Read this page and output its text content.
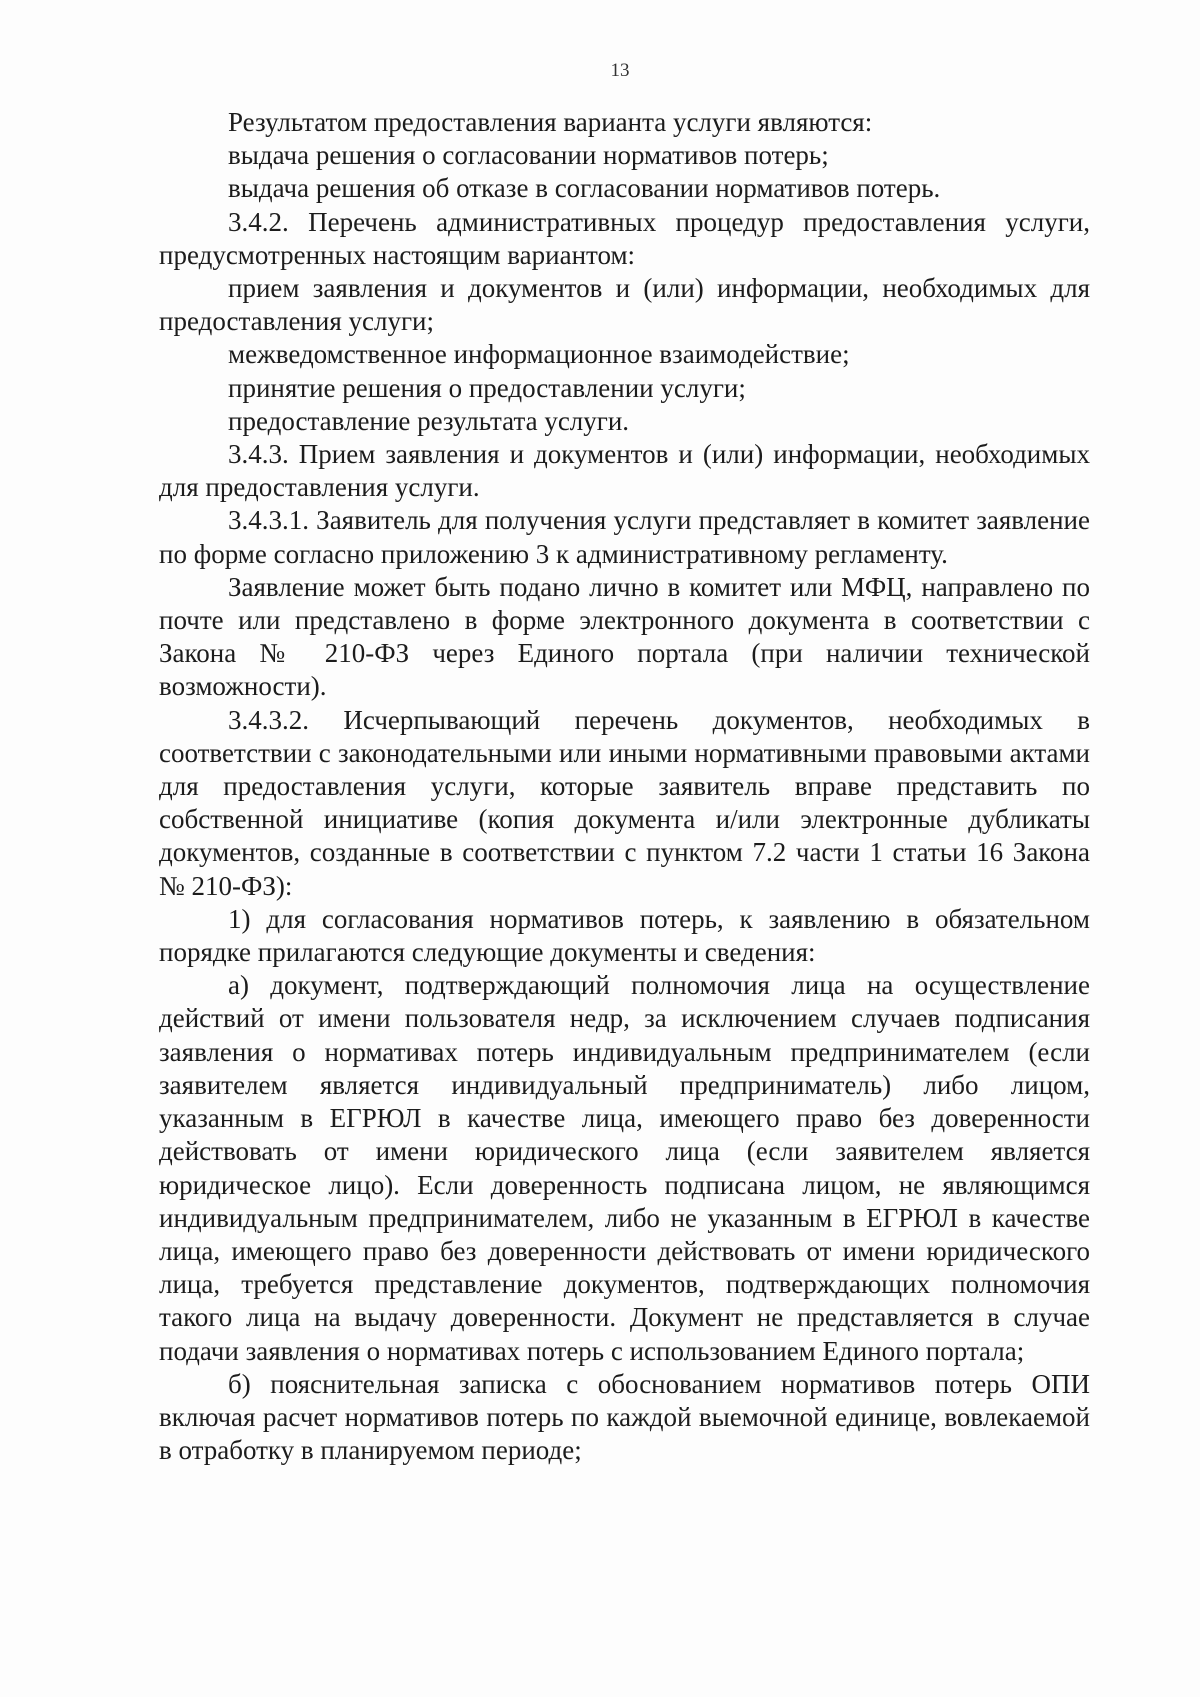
13

Результатом предоставления варианта услуги являются:

выдача решения о согласовании нормативов потерь;

выдача решения об отказе в согласовании нормативов потерь.

3.4.2. Перечень административных процедур предоставления услуги, предусмотренных настоящим вариантом:

прием заявления и документов и (или) информации, необходимых для предоставления услуги;

межведомственное информационное взаимодействие;

принятие решения о предоставлении услуги;

предоставление результата услуги.

3.4.3. Прием заявления и документов и (или) информации, необходимых для предоставления услуги.

3.4.3.1. Заявитель для получения услуги представляет в комитет заявление по форме согласно приложению 3 к административному регламенту.

Заявление может быть подано лично в комитет или МФЦ, направлено по почте или представлено в форме электронного документа в соответствии с Закона № 210-ФЗ через Единого портала (при наличии технической возможности).

3.4.3.2. Исчерпывающий перечень документов, необходимых в соответствии с законодательными или иными нормативными правовыми актами для предоставления услуги, которые заявитель вправе представить по собственной инициативе (копия документа и/или электронные дубликаты документов, созданные в соответствии с пунктом 7.2 части 1 статьи 16 Закона № 210-ФЗ):

1) для согласования нормативов потерь, к заявлению в обязательном порядке прилагаются следующие документы и сведения:

а) документ, подтверждающий полномочия лица на осуществление действий от имени пользователя недр, за исключением случаев подписания заявления о нормативах потерь индивидуальным предпринимателем (если заявителем является индивидуальный предприниматель) либо лицом, указанным в ЕГРЮЛ в качестве лица, имеющего право без доверенности действовать от имени юридического лица (если заявителем является юридическое лицо). Если доверенность подписана лицом, не являющимся индивидуальным предпринимателем, либо не указанным в ЕГРЮЛ в качестве лица, имеющего право без доверенности действовать от имени юридического лица, требуется представление документов, подтверждающих полномочия такого лица на выдачу доверенности. Документ не представляется в случае подачи заявления о нормативах потерь с использованием Единого портала;

б) пояснительная записка с обоснованием нормативов потерь ОПИ включая расчет нормативов потерь по каждой выемочной единице, вовлекаемой в отработку в планируемом периоде;
